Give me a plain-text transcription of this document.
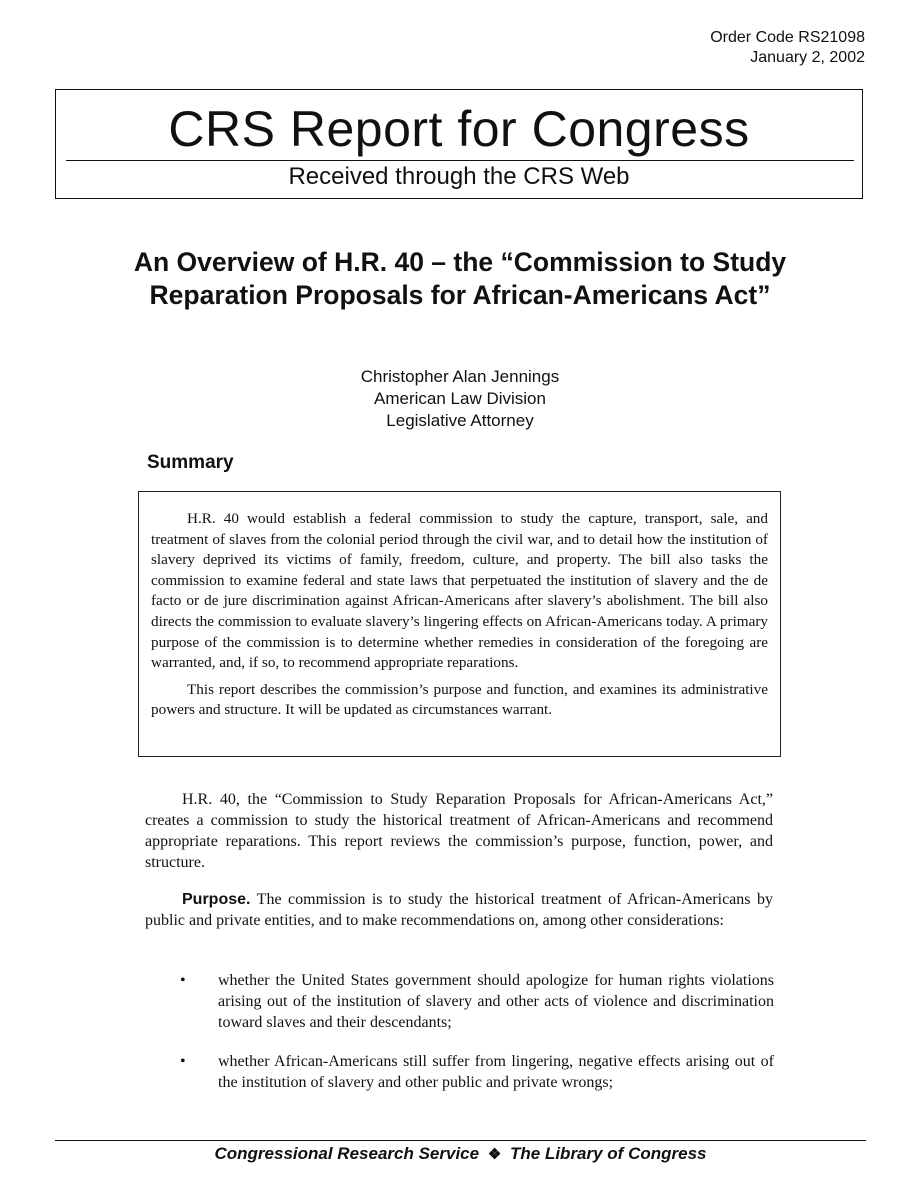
Order Code RS21098
January 2, 2002
CRS Report for Congress
Received through the CRS Web
An Overview of H.R. 40 – the “Commission to Study Reparation Proposals for African-Americans Act”
Christopher Alan Jennings
American Law Division
Legislative Attorney
Summary

H.R. 40 would establish a federal commission to study the capture, transport, sale, and treatment of slaves from the colonial period through the civil war, and to detail how the institution of slavery deprived its victims of family, freedom, culture, and property. The bill also tasks the commission to examine federal and state laws that perpetuated the institution of slavery and the de facto or de jure discrimination against African-Americans after slavery’s abolishment. The bill also directs the commission to evaluate slavery’s lingering effects on African-Americans today. A primary purpose of the commission is to determine whether remedies in consideration of the foregoing are warranted, and, if so, to recommend appropriate reparations.

This report describes the commission’s purpose and function, and examines its administrative powers and structure. It will be updated as circumstances warrant.

H.R. 40, the “Commission to Study Reparation Proposals for African-Americans Act,” creates a commission to study the historical treatment of African-Americans and recommend appropriate reparations. This report reviews the commission’s purpose, function, power, and structure.

Purpose. The commission is to study the historical treatment of African-Americans by public and private entities, and to make recommendations on, among other considerations:

• whether the United States government should apologize for human rights violations arising out of the institution of slavery and other acts of violence and discrimination toward slaves and their descendants;
• whether African-Americans still suffer from lingering, negative effects arising out of the institution of slavery and other public and private wrongs;
Congressional Research Service ❖ The Library of Congress
